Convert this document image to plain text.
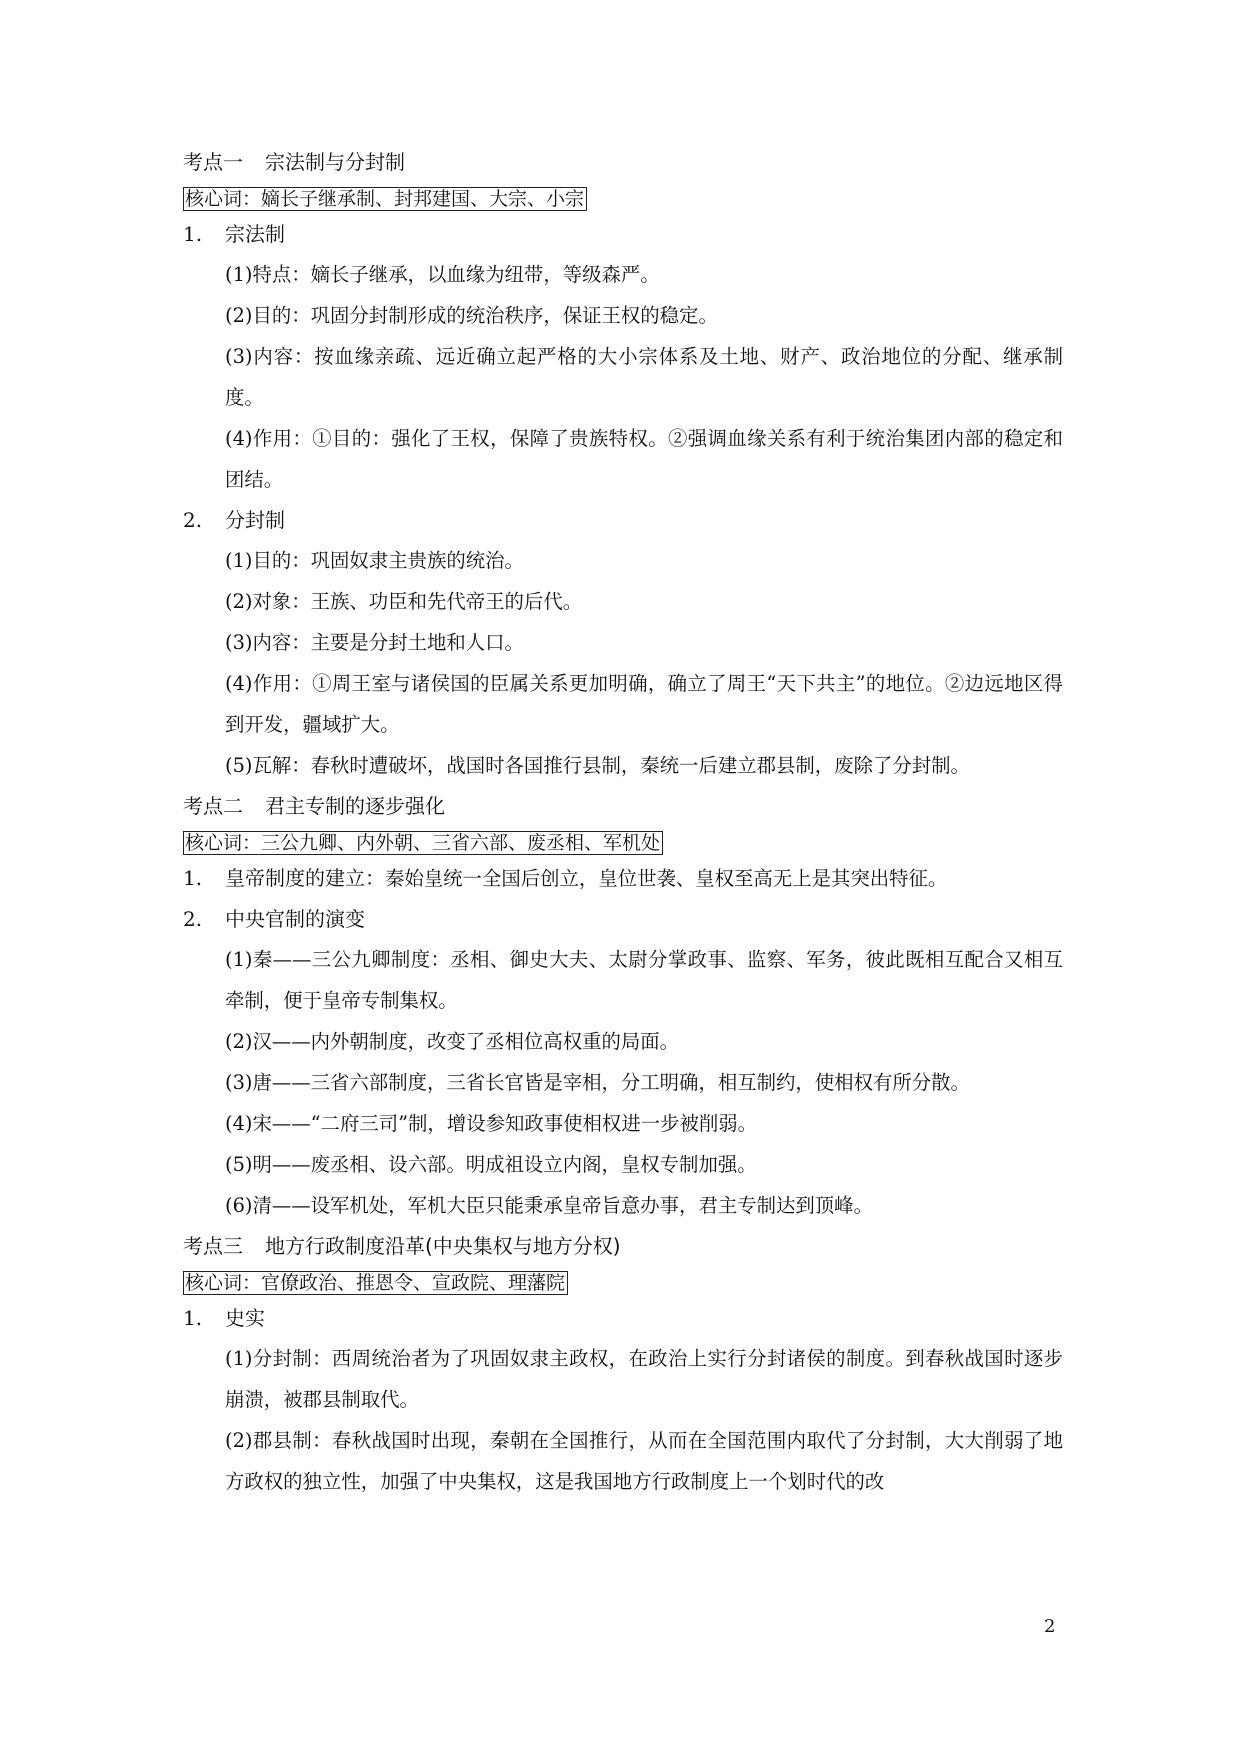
考点一 宗法制与分封制
核心词：嫡长子继承制、封邦建国、大宗、小宗
1. 宗法制
(1)特点：嫡长子继承，以血缘为纽带，等级森严。
(2)目的：巩固分封制形成的统治秩序，保证王权的稳定。
(3)内容：按血缘亲疏、远近确立起严格的大小宗体系及土地、财产、政治地位的分配、继承制度。
(4)作用：①目的：强化了王权，保障了贵族特权。②强调血缘关系有利于统治集团内部的稳定和团结。
2. 分封制
(1)目的：巩固奴隶主贵族的统治。
(2)对象：王族、功臣和先代帝王的后代。
(3)内容：主要是分封土地和人口。
(4)作用：①周王室与诸侯国的臣属关系更加明确，确立了周王“天下共主”的地位。②边远地区得到开发，疆域扩大。
(5)瓦解：春秋时遭破坏，战国时各国推行县制，秦统一后建立郡县制，废除了分封制。
考点二 君主专制的逐步强化
核心词：三公九卿、内外朝、三省六部、废丞相、军机处
1. 皇帝制度的建立：秦始皇统一全国后创立，皇位世袭、皇权至高无上是其突出特征。
2. 中央官制的演变
(1)秦——三公九卿制度：丞相、御史大夫、太尉分掌政事、监察、军务，彼此既相互配合又相互牵制，便于皇帝专制集权。
(2)汉——内外朝制度，改变了丞相位高权重的局面。
(3)唐——三省六部制度，三省长官皆是宰相，分工明确，相互制约，使相权有所分散。
(4)宋——“二府三司”制，增设参知政事使相权进一步被削弱。
(5)明——废丞相、设六部。明成祖设立内阁，皇权专制加强。
(6)清——设军机处，军机大臣只能秉承皇帝旨意办事，君主专制达到顶峰。
考点三 地方行政制度沿革(中央集权与地方分权)
核心词：官僚政治、推恩令、宣政院、理藩院
1. 史实
(1)分封制：西周统治者为了巩固奴隶主政权，在政治上实行分封诸侯的制度。到春秋战国时逐步崩溃，被郡县制取代。
(2)郡县制：春秋战国时出现，秦朝在全国推行，从而在全国范围内取代了分封制，大大削弱了地方政权的独立性，加强了中央集权，这是我国地方行政制度上一个划时代的改
2
